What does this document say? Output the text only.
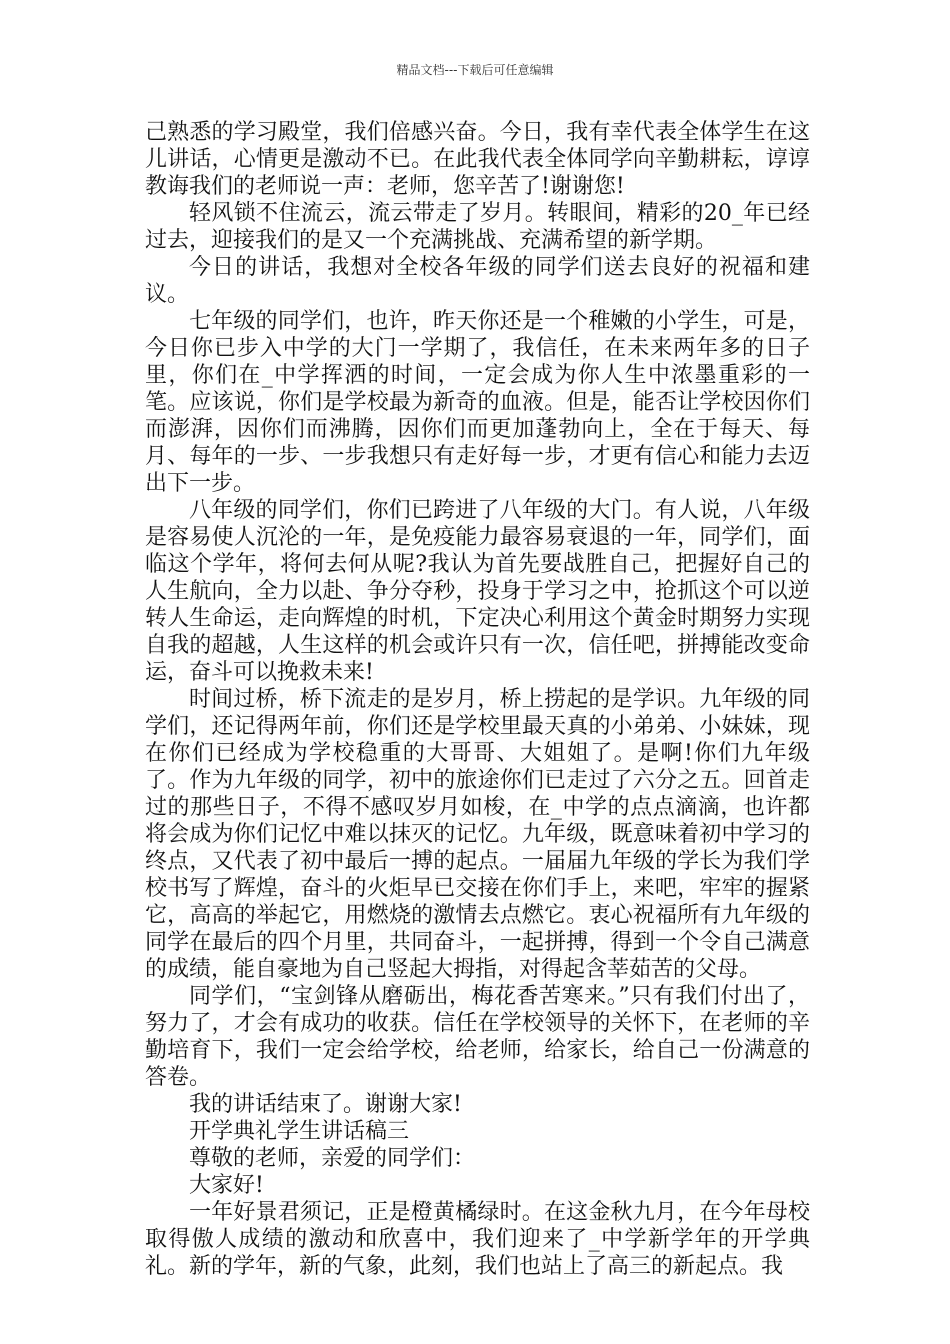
精品文档---下载后可任意编辑

己熟悉的学习殿堂，我们倍感兴奋。今日，我有幸代表全体学生在这儿讲话，心情更是激动不已。在此我代表全体同学向辛勤耕耘，谆谆教诲我们的老师说一声：老师，您辛苦了!谢谢您!

轻风锁不住流云，流云带走了岁月。转眼间，精彩的20_年已经过去，迎接我们的是又一个充满挑战、充满希望的新学期。

今日的讲话，我想对全校各年级的同学们送去良好的祝福和建议。

七年级的同学们，也许，昨天你还是一个稚嫩的小学生，可是，今日你已步入中学的大门一学期了，我信任，在未来两年多的日子里，你们在_中学挥洒的时间，一定会成为你人生中浓墨重彩的一笔。应该说，你们是学校最为新奇的血液。但是，能否让学校因你们而澎湃，因你们而沸腾，因你们而更加蓬勃向上，全在于每天、每月、每年的一步、一步我想只有走好每一步，才更有信心和能力去迈出下一步。

八年级的同学们，你们已跨进了八年级的大门。有人说，八年级是容易使人沉沦的一年，是免疫能力最容易衰退的一年，同学们，面临这个学年，将何去何从呢?我认为首先要战胜自己，把握好自己的人生航向，全力以赴、争分夺秒，投身于学习之中，抢抓这个可以逆转人生命运，走向辉煌的时机，下定决心利用这个黄金时期努力实现自我的超越，人生这样的机会或许只有一次，信任吧，拼搏能改变命运，奋斗可以挽救未来!

时间过桥，桥下流走的是岁月，桥上捞起的是学识。九年级的同学们，还记得两年前，你们还是学校里最天真的小弟弟、小妹妹，现在你们已经成为学校稳重的大哥哥、大姐姐了。是啊!你们九年级了。作为九年级的同学，初中的旅途你们已走过了六分之五。回首走过的那些日子，不得不感叹岁月如梭，在_中学的点点滴滴，也许都将会成为你们记忆中难以抹灭的记忆。九年级，既意味着初中学习的终点，又代表了初中最后一搏的起点。一届届九年级的学长为我们学校书写了辉煌，奋斗的火炬早已交接在你们手上，来吧，牢牢的握紧它，高高的举起它，用燃烧的激情去点燃它。衷心祝福所有九年级的同学在最后的四个月里，共同奋斗，一起拼搏，得到一个令自己满意的成绩，能自豪地为自己竖起大拇指，对得起含莘茹苦的父母。

同学们，“宝剑锋从磨砺出，梅花香苦寒来。”只有我们付出了，努力了，才会有成功的收获。信任在学校领导的关怀下，在老师的辛勤培育下，我们一定会给学校，给老师，给家长，给自己一份满意的答卷。

我的讲话结束了。谢谢大家!

开学典礼学生讲话稿三

尊敬的老师，亲爱的同学们：

大家好!

一年好景君须记，正是橙黄橘绿时。在这金秋九月，在今年母校取得傲人成绩的激动和欣喜中，我们迎来了_中学新学年的开学典礼。新的学年，新的气象，此刻，我们也站上了高三的新起点。我
